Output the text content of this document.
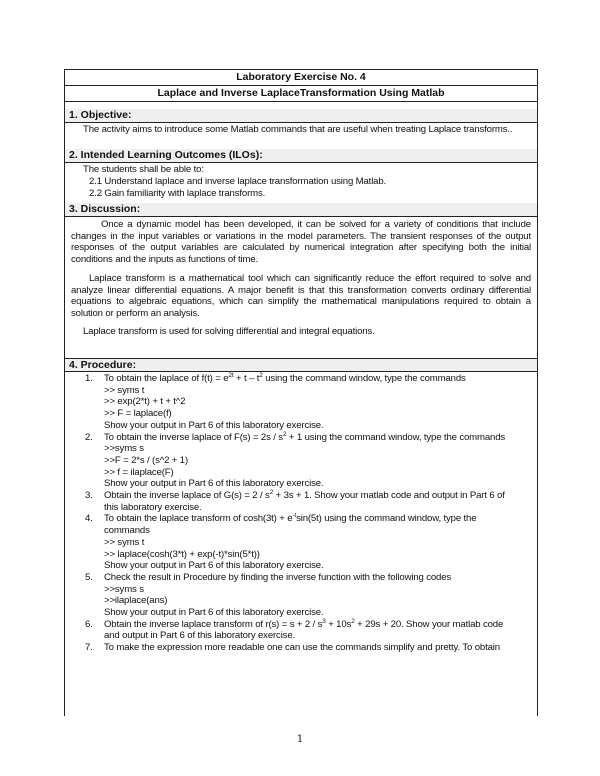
Laboratory Exercise No. 4
Laplace and Inverse LaplaceTransformation Using Matlab
1. Objective:
The activity aims to introduce some Matlab commands that are useful when treating Laplace transforms..
2. Intended Learning Outcomes (ILOs):
The students shall be able to:
2.1 Understand laplace and inverse laplace transformation using Matlab.
2.2 Gain familiarity with laplace transforms.
3. Discussion:
Once a dynamic model has been developed, it can be solved for a variety of conditions that include changes in the input variables or variations in the model parameters. The transient responses of the output responses of the output variables are calculated by numerical integration after specifying both the initial conditions and the inputs as functions of time.
Laplace transform is a mathematical tool which can significantly reduce the effort required to solve and analyze linear differential equations. A major benefit is that this transformation converts ordinary differential equations to algebraic equations, which can simplify the mathematical manipulations required to obtain a solution or perform an analysis.
Laplace transform is used for solving differential and integral equations.
4. Procedure:
1. To obtain the laplace of $f(t) = e^{2t} + t - t^2$ using the command window, type the commands
>> syms t
>> exp(2*t) + t + t^2
>> F = laplace(f)
Show your output in Part 6 of this laboratory exercise.
2. To obtain the inverse laplace of $F(s) = 2s / s^2 + 1$ using the command window, type the commands
>>syms s
>>F = 2*s / (s^2 + 1)
>> f = ilaplace(F)
Show your output in Part 6 of this laboratory exercise.
3. Obtain the inverse laplace of $G(s) = 2 / s^2 + 3s + 1$. Show your matlab code and output in Part 6 of
this laboratory exercise.
4. To obtain the laplace transform of $\cosh(3t) + e^{-t}\sin(5t)$ using the command window, type the
commands
>> syms t
>> laplace(cosh(3*t) + exp(-t)*sin(5*t))
Show your output in Part 6 of this laboratory exercise.
5. Check the result in Procedure by finding the inverse function with the following codes
>>syms s
>>ilaplace(ans)
Show your output in Part 6 of this laboratory exercise.
6. Obtain the inverse laplace transform of $r(s) = s + 2 / s^3 + 10s^2 + 29s + 20$. Show your matlab code
and output in Part 6 of this laboratory exercise.
7. To make the expression more readable one can use the commands simplify and pretty. To obtain
1
